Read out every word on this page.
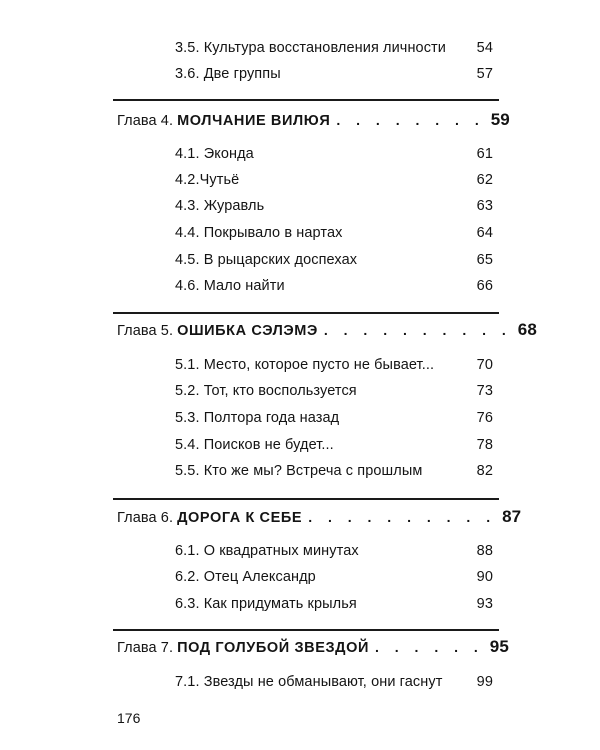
3.5. Культура восстановления личности	54
3.6. Две группы	57
Глава 4. МОЛЧАНИЕ ВИЛЮЯ . . . . . . . . 59
4.1. Эконда	61
4.2.Чутьё	62
4.3. Журавль	63
4.4. Покрывало в нартах	64
4.5. В рыцарских доспехах	65
4.6. Мало найти	66
Глава 5. ОШИБКА СЭЛЭМЭ . . . . . . . . . . 68
5.1. Место, которое пусто не бывает...	70
5.2. Тот, кто воспользуется	73
5.3. Полтора года назад	76
5.4. Поисков не будет...	78
5.5. Кто же мы? Встреча с прошлым	82
Глава 6. ДОРОГА К СЕБЕ . . . . . . . . . . 87
6.1. О квадратных минутах	88
6.2. Отец Александр	90
6.3. Как придумать крылья	93
Глава 7. ПОД ГОЛУБОЙ ЗВЕЗДОЙ . . . . . . 95
7.1. Звезды не обманывают, они гаснут	99
176
